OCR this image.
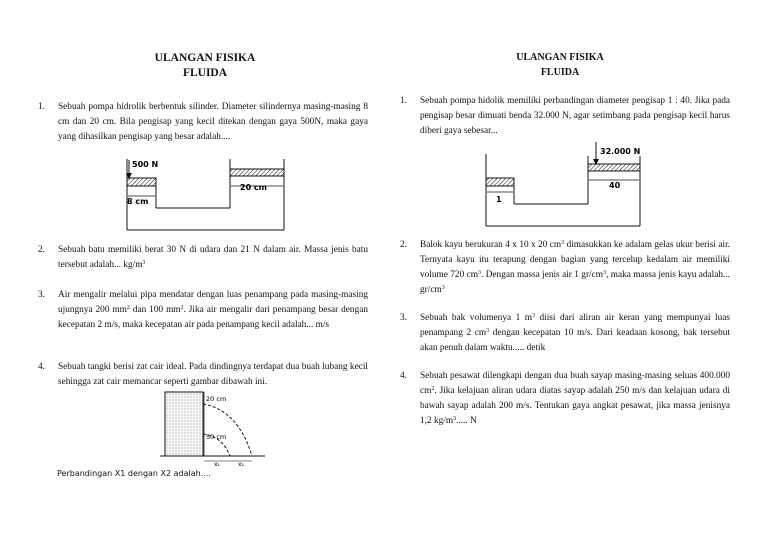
ULANGAN FISIKA
FLUIDA
1. Sebuah pompa hidrolik berbentuk silinder. Diameter silindernya masing-masing 8 cm dan 20 cm. Bila pengisap yang kecil ditekan dengan gaya 500N, maka gaya yang dihasilkan pengisap yang besar adalah....
500 N
20 cm
8 cm
2. Sebuah batu memiliki berat 30 N di udara dan 21 N dalam air. Massa jenis batu tersebut adalah... $kg/m^3$
3. Air mengalir melalui pipa mendatar dengan luas penampang pada masing-masing ujungnya 200 $mm^2$ dan 100 $mm^2$. Jika air mengalir dari penampang besar dengan kecepatan 2 m/s, maka kecepatan air pada penampang kecil adalah... m/s
4. Sebuah tangki berisi zat cair ideal. Pada dindingnya terdapat dua buah lubang kecil sehingga zat cair memancar seperti gambar dibawah ini.
20 cm
50 cm
x₁	x₂
Perbandingan X1 dengan X2 adalah....
ULANGAN FISIKA
FLUIDA
1. Sebuah pompa hidolik memiliki perbandingan diameter pengisap 1 : 40. Jika pada pengisap besar dimuati benda 32.000 N, agar setimbang pada pengisap kecil harus diberi gaya sebesar...
32.000 N
40
1
2. Balok kayu berukuran 4 x 10 x 20 $cm^3$ dimasukkan ke adalam gelas ukur berisi air. Ternyata kayu itu terapung dengan bagian yang tercelup kedalam air memiliki volume 720 $cm^3$. Dengan massa jenis air 1 $gr/cm^3$, maka massa jenis kayu adalah... $gr/cm^3$
3. Sebuah bak volumenya 1 $m^3$ diisi dari aliran air keran yang mempunyai luas penampang 2 $cm^3$ dengan kecepatan 10 m/s. Dari keadaan kosong, bak tersebut akan penuh dalam waktu..... detik
4. Sebuah pesawat dilengkapi dengan dua buah sayap masing-masing seluas 400.000 $cm^2$. Jika kelajuan aliran udara diatas sayap adalah 250 m/s dan kelajuan udara di bawah sayap adalah 200 m/s. Tentukan gaya angkat pesawat, jika massa jenisnya 1,2 $kg/m^3$..... N
